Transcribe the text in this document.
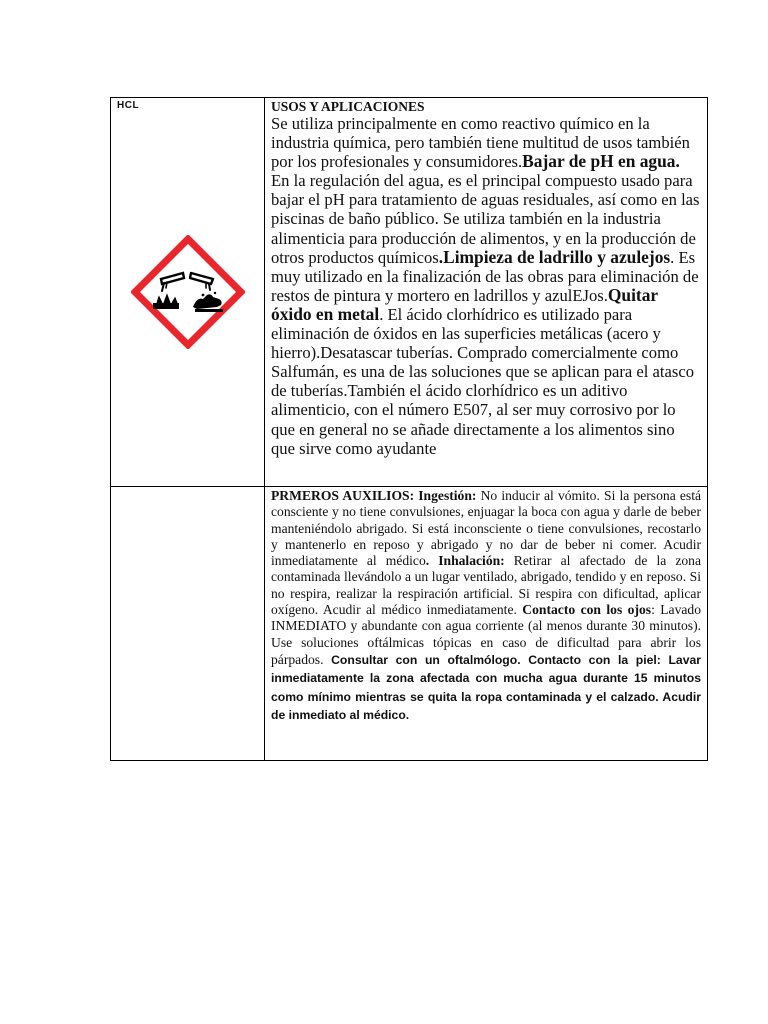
HCL	USOS Y APLICACIONES

Se utiliza principalmente en como reactivo químico en la industria química, pero también tiene multitud de usos también por los profesionales y consumidores.Bajar de pH en agua. En la regulación del agua, es el principal compuesto usado para bajar el pH para tratamiento de aguas residuales, así como en las piscinas de baño público. Se utiliza también en la industria alimenticia para producción de alimentos, y en la producción de otros productos químicos.Limpieza de ladrillo y azulejos. Es muy utilizado en la finalización de las obras para eliminación de restos de pintura y mortero en ladrillos y azulEJos.Quitar óxido en metal. El ácido clorhídrico es utilizado para eliminación de óxidos en las superficies metálicas (acero y hierro).Desatascar tuberías. Comprado comercialmente como Salfumán, es una de las soluciones que se aplican para el atasco de tuberías.También el ácido clorhídrico es un aditivo alimenticio, con el número E507, al ser muy corrosivo por lo que en general no se añade directamente a los alimentos sino que sirve como ayudante

PRMEROS AUXILIOS: Ingestión: No inducir al vómito. Si la persona está consciente y no tiene convulsiones, enjuagar la boca con agua y darle de beber manteniéndolo abrigado. Si está inconsciente o tiene convulsiones, recostarlo y mantenerlo en reposo y abrigado y no dar de beber ni comer. Acudir inmediatamente al médico. Inhalación: Retirar al afectado de la zona contaminada llevándolo a un lugar ventilado, abrigado, tendido y en reposo. Si no respira, realizar la respiración artificial. Si respira con dificultad, aplicar oxígeno. Acudir al médico inmediatamente. Contacto con los ojos: Lavado INMEDIATO y abundante con agua corriente (al menos durante 30 minutos). Use soluciones oftálmicas tópicas en caso de dificultad para abrir los párpados. Consultar con un oftalmólogo. Contacto con la piel: Lavar inmediatamente la zona afectada con mucha agua durante 15 minutos como mínimo mientras se quita la ropa contaminada y el calzado. Acudir de inmediato al médico.
